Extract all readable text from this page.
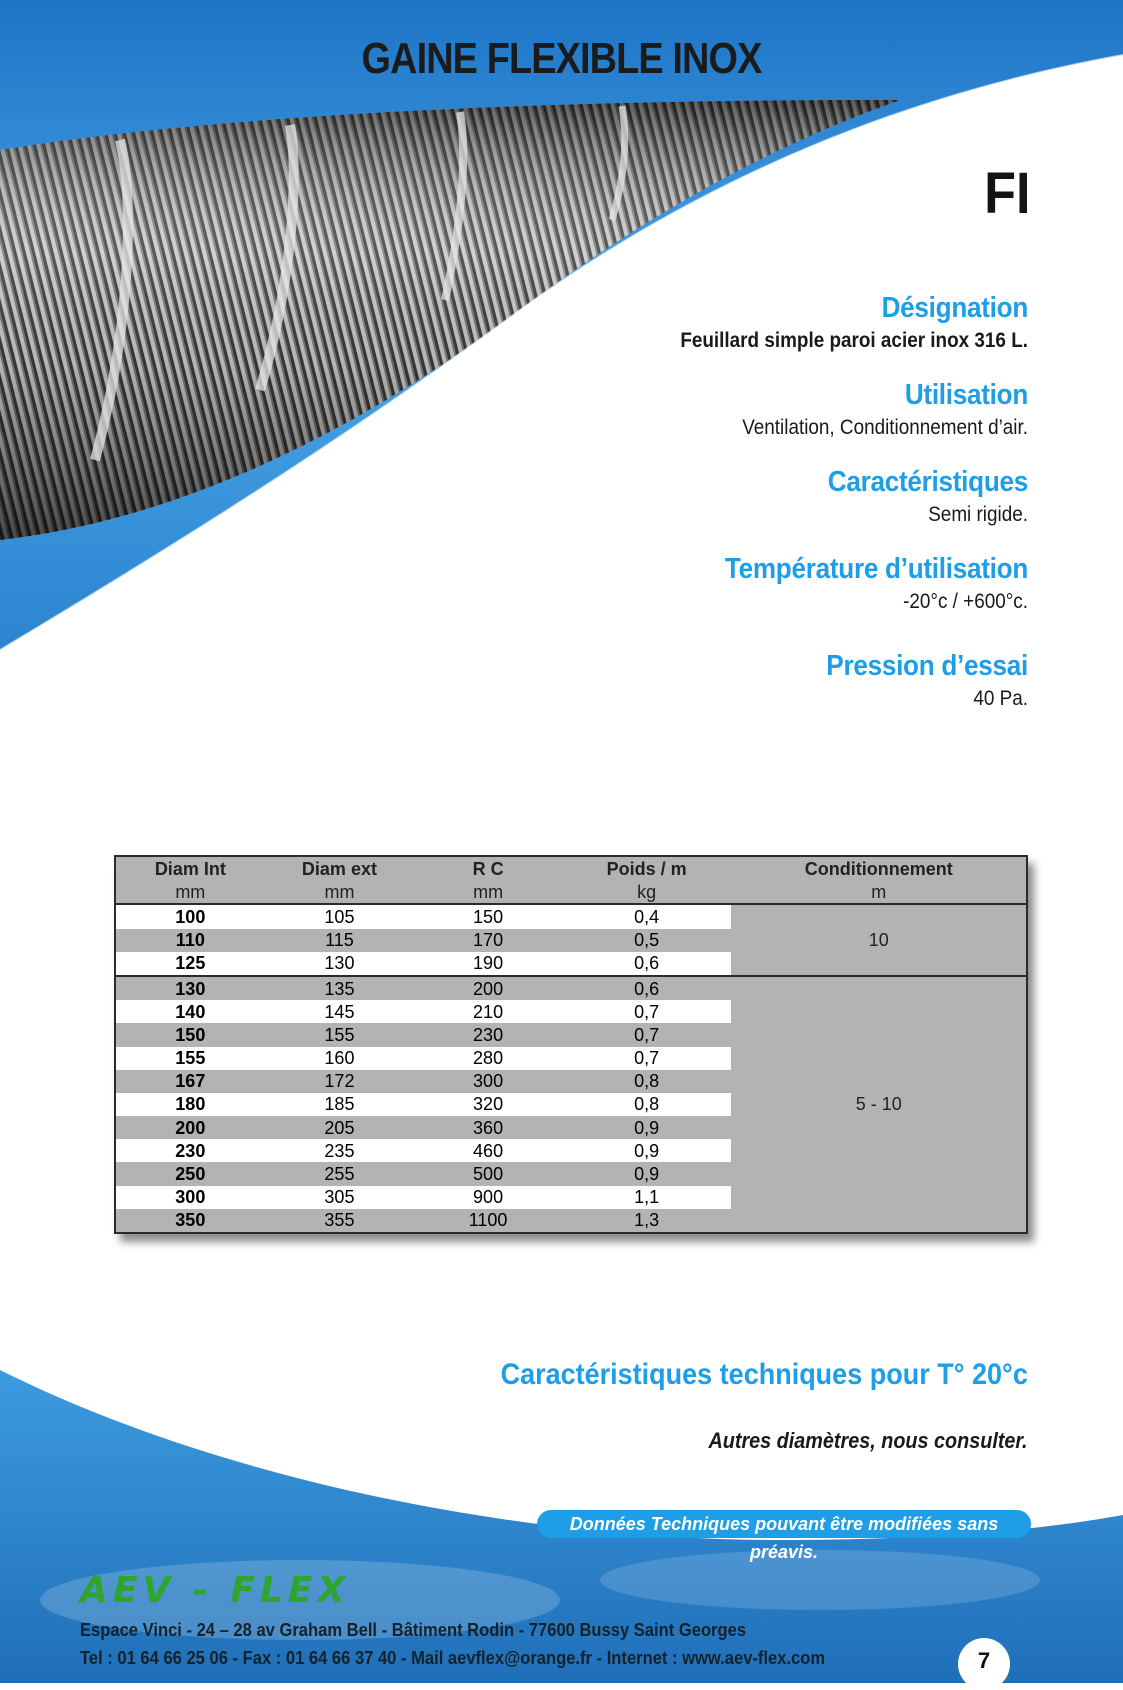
GAINE FLEXIBLE INOX
FI
Désignation

Feuillard simple paroi acier inox 316 L.

Utilisation

Ventilation, Conditionnement d’air.

Caractéristiques

Semi rigide.

Température d’utilisation

-20°c / +600°c.

Pression d’essai

40 Pa.

Diam Int	Diam ext	R C	Poids / m	Conditionnement
mm	mm	mm	kg	m
100	105	150	0,4	10
110	115	170	0,5	
125	130	190	0,6	
130	135	200	0,6	5 - 10
140	145	210	0,7	
150	155	230	0,7	
155	160	280	0,7	
167	172	300	0,8	
180	185	320	0,8	
200	205	360	0,9	
230	235	460	0,9	
250	255	500	0,9	
300	305	900	1,1	
350	355	1100	1,3	
Caractéristiques techniques pour T° 20°c
Autres diamètres, nous consulter.
Données Techniques pouvant être modifiées sans préavis.
AEV - FLEX
Espace Vinci - 24 – 28 av Graham Bell - Bâtiment Rodin - 77600 Bussy Saint Georges
Tel : 01 64 66 25 06 - Fax : 01 64 66 37 40 - Mail aevflex@orange.fr - Internet : www.aev-flex.com	7
